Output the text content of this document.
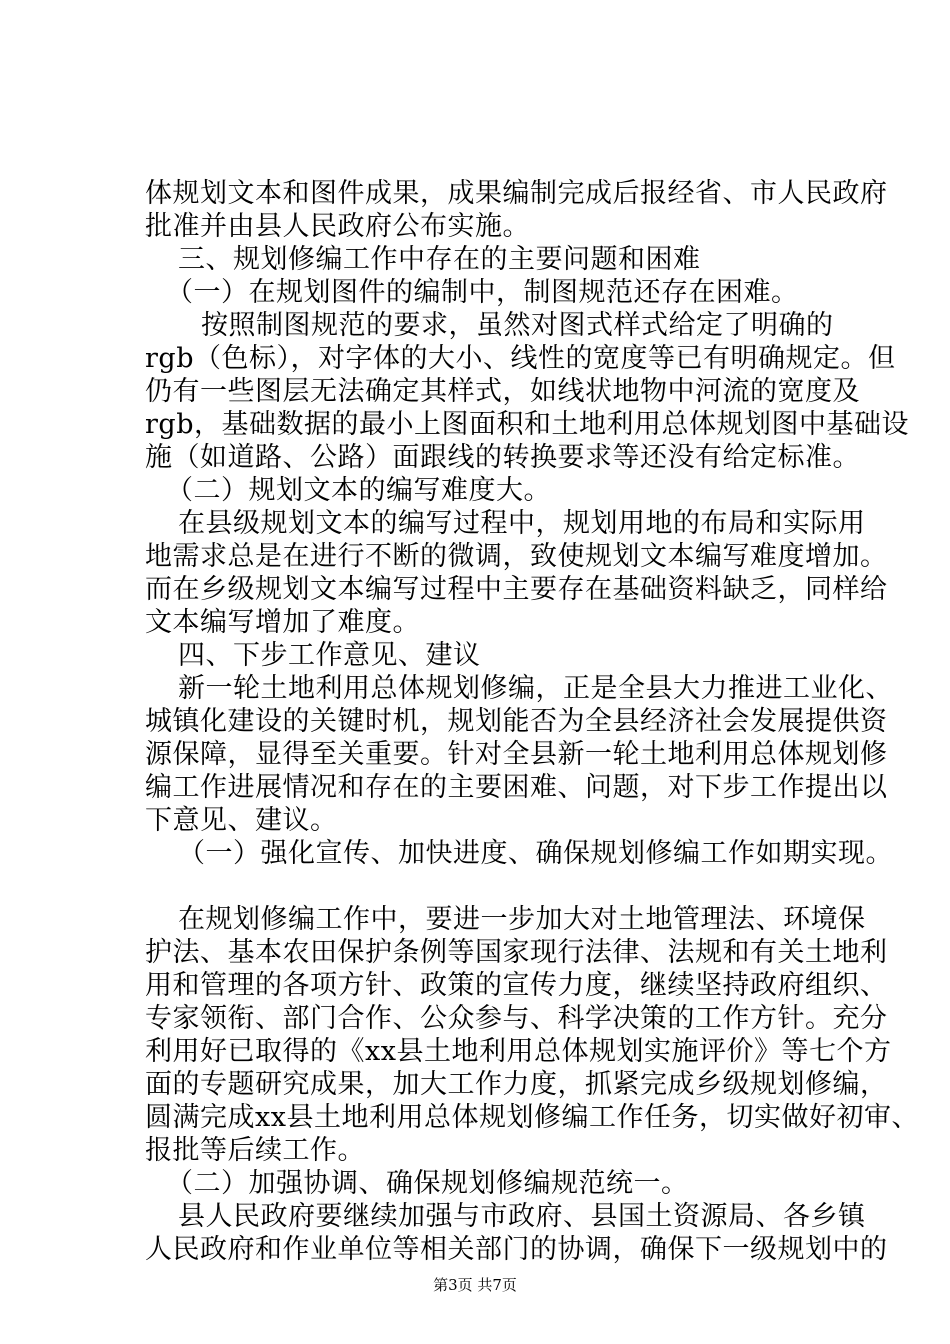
体规划文本和图件成果，成果编制完成后报经省、市人民政府
批准并由县人民政府公布实施。
三、规划修编工作中存在的主要问题和困难
（一）在规划图件的编制中，制图规范还存在困难。
按照制图规范的要求，虽然对图式样式给定了明确的
rgb（色标），对字体的大小、线性的宽度等已有明确规定。但
仍有一些图层无法确定其样式，如线状地物中河流的宽度及
rgb，基础数据的最小上图面积和土地利用总体规划图中基础设
施（如道路、公路）面跟线的转换要求等还没有给定标准。
（二）规划文本的编写难度大。
在县级规划文本的编写过程中，规划用地的布局和实际用
地需求总是在进行不断的微调，致使规划文本编写难度增加。
而在乡级规划文本编写过程中主要存在基础资料缺乏，同样给
文本编写增加了难度。
四、下步工作意见、建议
新一轮土地利用总体规划修编，正是全县大力推进工业化、
城镇化建设的关键时机，规划能否为全县经济社会发展提供资
源保障，显得至关重要。针对全县新一轮土地利用总体规划修
编工作进展情况和存在的主要困难、问题，对下步工作提出以
下意见、建议。
（一）强化宣传、加快进度、确保规划修编工作如期实现。
在规划修编工作中，要进一步加大对土地管理法、环境保
护法、基本农田保护条例等国家现行法律、法规和有关土地利
用和管理的各项方针、政策的宣传力度，继续坚持政府组织、
专家领衔、部门合作、公众参与、科学决策的工作方针。充分
利用好已取得的《xx县土地利用总体规划实施评价》等七个方
面的专题研究成果，加大工作力度，抓紧完成乡级规划修编，
圆满完成xx县土地利用总体规划修编工作任务，切实做好初审、
报批等后续工作。
（二）加强协调、确保规划修编规范统一。
县人民政府要继续加强与市政府、县国土资源局、各乡镇
人民政府和作业单位等相关部门的协调，确保下一级规划中的
第3页 共7页
